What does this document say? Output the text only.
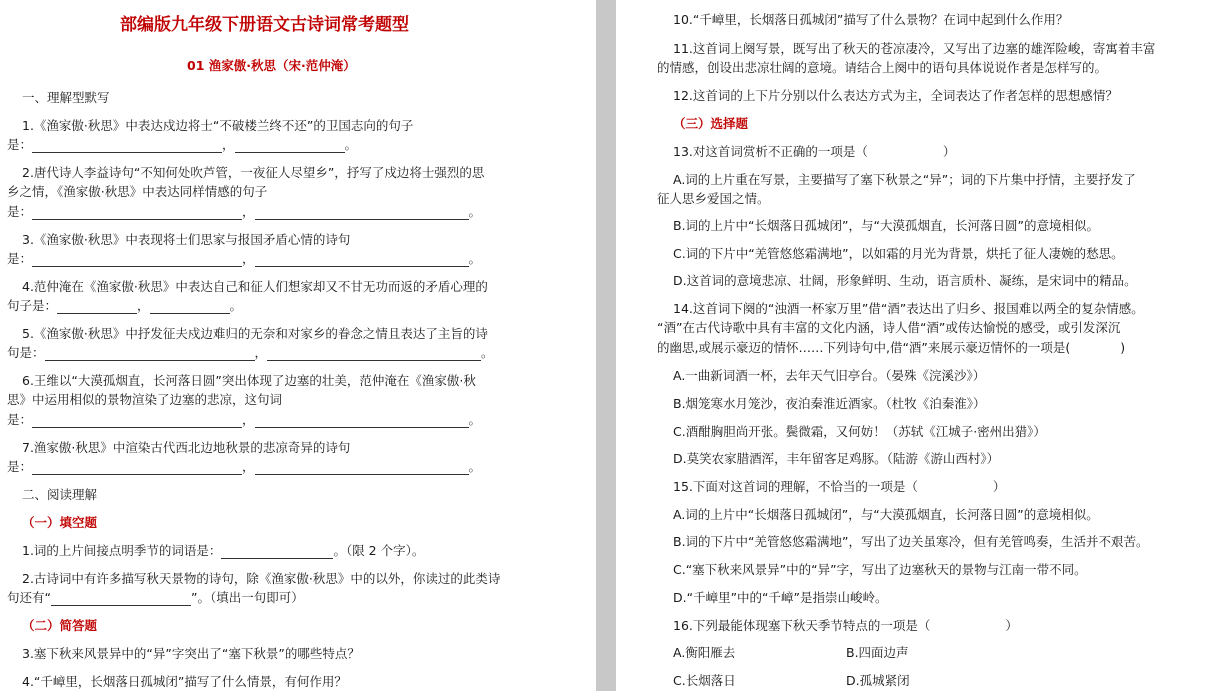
部编版九年级下册语文古诗词常考题型
01 渔家傲·秋思（宋·范仲淹）
一、理解型默写
1.《渔家傲·秋思》中表达戍边将士“不破楼兰终不还”的卫国志向的句子
是：	，	。
2.唐代诗人李益诗句“不知何处吹芦管，一夜征人尽望乡”，抒写了戍边将士强烈的思
乡之情，《渔家傲·秋思》中表达同样情感的句子
是：	，	。
3.《渔家傲·秋思》中表现将士们思家与报国矛盾心情的诗句
是：	，	。
4.范仲淹在《渔家傲·秋思》中表达自己和征人们想家却又不甘无功而返的矛盾心理的
句子是：	，	。
5.《渔家傲·秋思》中抒发征夫戍边难归的无奈和对家乡的眷念之情且表达了主旨的诗
句是：	，	。
6.王维以“大漠孤烟直，长河落日圆”突出体现了边塞的壮美，范仲淹在《渔家傲·秋
思》中运用相似的景物渲染了边塞的悲凉，这句词
是：	，	。
7.渔家傲·秋思》中渲染古代西北边地秋景的悲凉奇异的诗句
是：	，	。
二、阅读理解
（一）填空题
1.词的上片间接点明季节的词语是：	。（限 2 个字）。
2.古诗词中有许多描写秋天景物的诗句，除《渔家傲·秋思》中的以外，你读过的此类诗
句还有“	”。（填出一句即可）
（二）简答题
3.塞下秋来风景异中的“异”字突出了“塞下秋景”的哪些特点？
4.“千嶂里，长烟落日孤城闭”描写了什么情景，有何作用？
10.“千嶂里，长烟落日孤城闭”描写了什么景物？在词中起到什么作用？
11.这首词上阕写景，既写出了秋天的苍凉凄冷，又写出了边塞的雄浑险峻，寄寓着丰富
的情感，创设出悲凉壮阔的意境。请结合上阕中的语句具体说说作者是怎样写的。
12.这首词的上下片分别以什么表达方式为主，全词表达了作者怎样的思想感情？
（三）选择题
13.对这首词赏析不正确的一项是（　　　　　　）
A.词的上片重在写景，主要描写了塞下秋景之“异”；词的下片集中抒情，主要抒发了
征人思乡爱国之情。
B.词的上片中“长烟落日孤城闭”，与“大漠孤烟直，长河落日圆”的意境相似。
C.词的下片中“羌管悠悠霜满地”，以如霜的月光为背景，烘托了征人凄婉的愁思。
D.这首词的意境悲凉、壮阔，形象鲜明、生动，语言质朴、凝练，是宋词中的精品。
14.这首词下阕的“浊酒一杯家万里”借“酒”表达出了归乡、报国难以两全的复杂情感。
“酒”在古代诗歌中具有丰富的文化内涵，诗人借“酒”或传达愉悦的感受，或引发深沉
的幽思,或展示豪迈的情怀……下列诗句中,借“酒”来展示豪迈情怀的一项是(　　　　)
A.一曲新词酒一杯，去年天气旧亭台。（晏殊《浣溪沙》）
B.烟笼寒水月笼沙，夜泊秦淮近酒家。（杜牧《泊秦淮》）
C.酒酣胸胆尚开张。鬓微霜，又何妨！（苏轼《江城子·密州出猎》）
D.莫笑农家腊酒浑，丰年留客足鸡豚。（陆游《游山西村》）
15.下面对这首词的理解，不恰当的一项是（　　　　　　）
A.词的上片中“长烟落日孤城闭”，与“大漠孤烟直，长河落日圆”的意境相似。
B.词的下片中“羌管悠悠霜满地”，写出了边关虽寒冷，但有羌管鸣奏，生活并不艰苦。
C.“塞下秋来风景异”中的“异”字，写出了边塞秋天的景物与江南一带不同。
D.“千嶂里”中的“千嶂”是指崇山峻岭。
16.下列最能体现塞下秋天季节特点的一项是（　　　　　　）
A.衡阳雁去	B.四面边声
C.长烟落日	D.孤城紧闭
